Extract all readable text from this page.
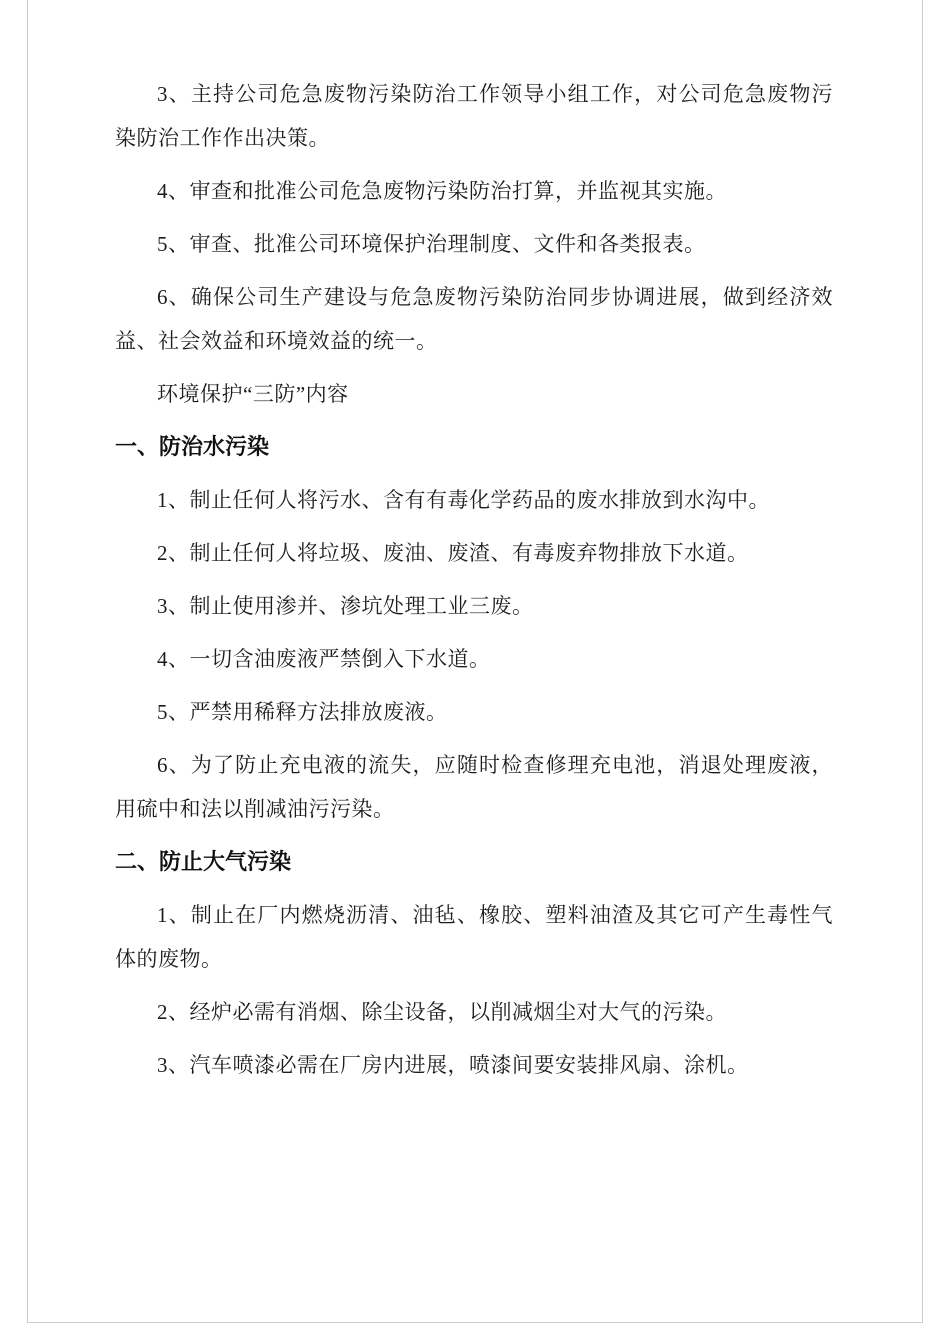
3、主持公司危急废物污染防治工作领导小组工作，对公司危急废物污染防治工作作出决策。

4、审查和批准公司危急废物污染防治打算，并监视其实施。

5、审查、批准公司环境保护治理制度、文件和各类报表。

6、确保公司生产建设与危急废物污染防治同步协调进展，做到经济效益、社会效益和环境效益的统一。

环境保护“三防”内容

一、防治水污染

1、制止任何人将污水、含有有毒化学药品的废水排放到水沟中。

2、制止任何人将垃圾、废油、废渣、有毒废弃物排放下水道。

3、制止使用渗并、渗坑处理工业三废。

4、一切含油废液严禁倒入下水道。

5、严禁用稀释方法排放废液。

6、为了防止充电液的流失，应随时检查修理充电池，消退处理废液，用硫中和法以削减油污污染。

二、防止大气污染

1、制止在厂内燃烧沥清、油毡、橡胶、塑料油渣及其它可产生毒性气体的废物。

2、经炉必需有消烟、除尘设备，以削减烟尘对大气的污染。

3、汽车喷漆必需在厂房内进展，喷漆间要安装排风扇、涂机。
